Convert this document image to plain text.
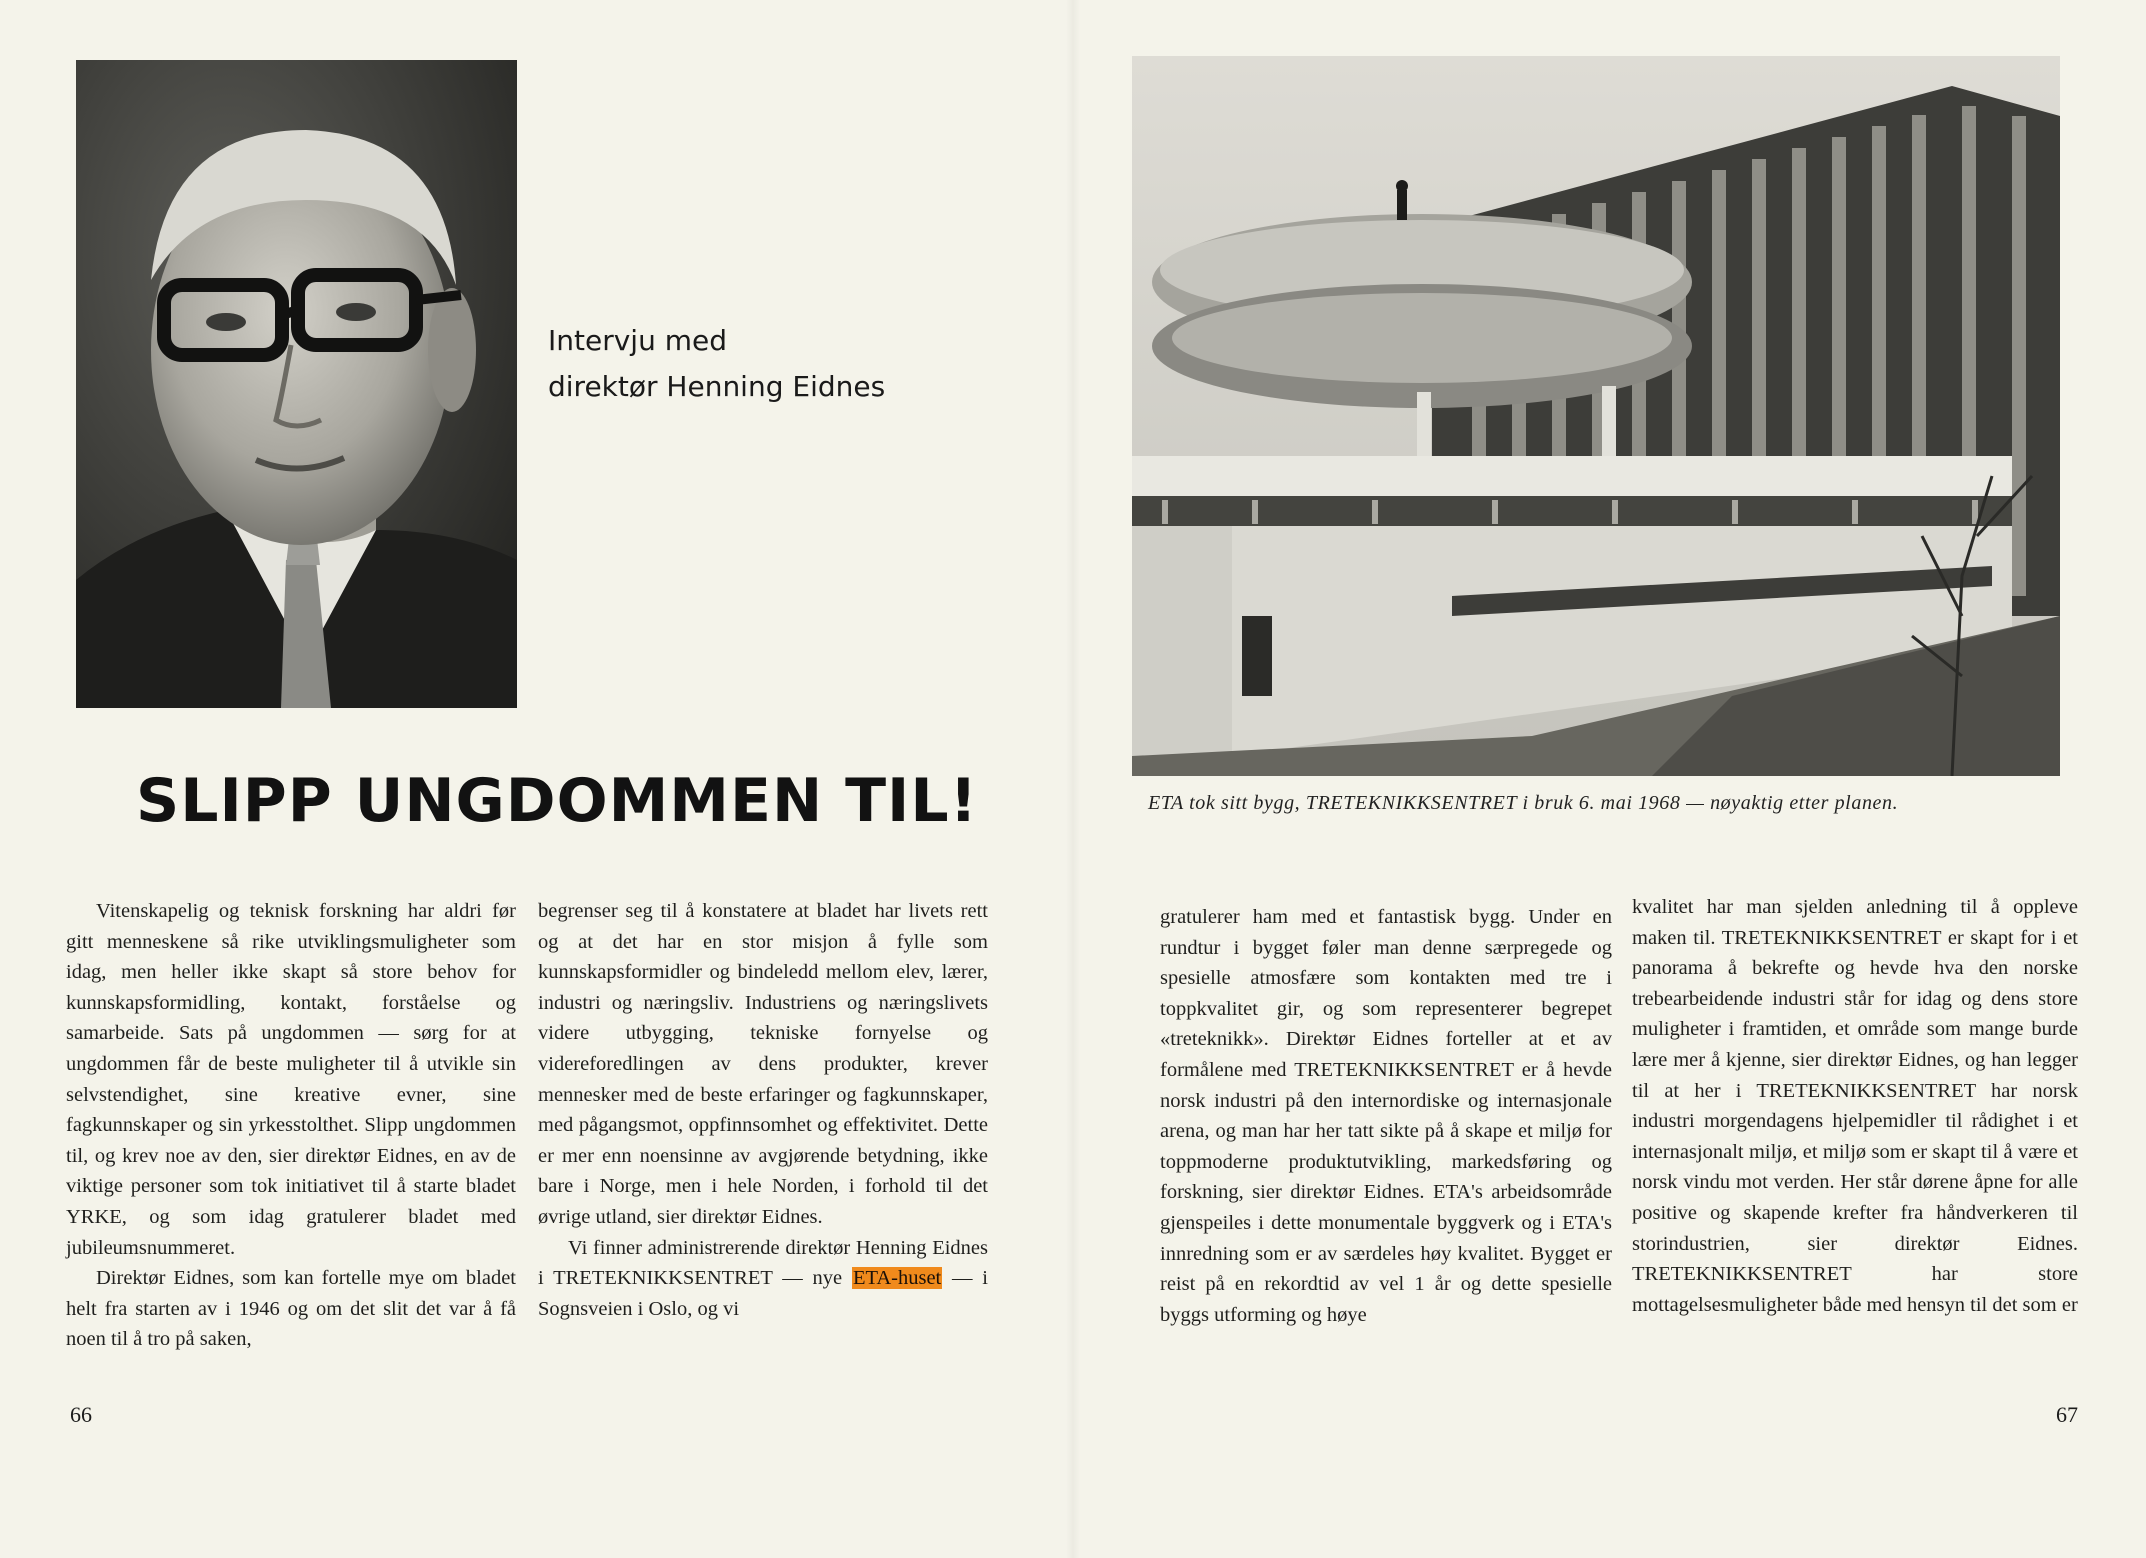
Intervju med
direktør Henning Eidnes
SLIPP UNGDOMMEN TIL!	ETA tok sitt bygg, TRETEKNIKKSENTRET i bruk 6. mai 1968 — nøyaktig etter planen.

Vitenskapelig og teknisk forskning har aldri før gitt menneskene så rike utviklingsmuligheter som idag, men heller ikke skapt så store behov for kunnskapsformidling, kontakt, forståelse og samarbeide. Sats på ungdommen — sørg for at ungdommen får de beste muligheter til å utvikle sin selvstendighet, sine kreative evner, sine fagkunnskaper og sin yrkesstolthet. Slipp ungdommen til, og krev noe av den, sier direktør Eidnes, en av de viktige personer som tok initiativet til å starte bladet YRKE, og som idag gratulerer bladet med jubileumsnummeret.

Direktør Eidnes, som kan fortelle mye om bladet helt fra starten av i 1946 og om det slit det var å få noen til å tro på saken,

begrenser seg til å konstatere at bladet har livets rett og at det har en stor misjon å fylle som kunnskapsformidler og bindeledd mellom elev, lærer, industri og næringsliv. Industriens og næringslivets videre utbygging, tekniske fornyelse og videreforedlingen av dens produkter, krever mennesker med de beste erfaringer og fagkunnskaper, med pågangsmot, oppfinnsomhet og effektivitet. Dette er mer enn noensinne av avgjørende betydning, ikke bare i Norge, men i hele Norden, i forhold til det øvrige utland, sier direktør Eidnes.

Vi finner administrerende direktør Henning Eidnes i TRETEKNIKKSENTRET — nye ETA-huset — i Sognsveien i Oslo, og vi

gratulerer ham med et fantastisk bygg. Under en rundtur i bygget føler man denne særpregede og spesielle atmosfære som kontakten med tre i toppkvalitet gir, og som representerer begrepet «treteknikk». Direktør Eidnes forteller at et av formålene med TRETEKNIKKSENTRET er å hevde norsk industri på den internordiske og internasjonale arena, og man har her tatt sikte på å skape et miljø for toppmoderne produktutvikling, markedsføring og forskning, sier direktør Eidnes. ETA's arbeidsområde gjenspeiles i dette monumentale byggverk og i ETA's innredning som er av særdeles høy kvalitet. Bygget er reist på en rekordtid av vel 1 år og dette spesielle byggs utforming og høye

kvalitet har man sjelden anledning til å oppleve maken til. TRETEKNIKKSENTRET er skapt for i et panorama å bekrefte og hevde hva den norske trebearbeidende industri står for idag og dens store muligheter i framtiden, et område som mange burde lære mer å kjenne, sier direktør Eidnes, og han legger til at her i TRETEKNIKKSENTRET har norsk industri morgendagens hjelpemidler til rådighet i et internasjonalt miljø, et miljø som er skapt til å være et norsk vindu mot verden. Her står dørene åpne for alle positive og skapende krefter fra håndverkeren til storindustrien, sier direktør Eidnes. TRETEKNIKKSENTRET har store mottagelsesmuligheter både med hensyn til det som er

66	67
